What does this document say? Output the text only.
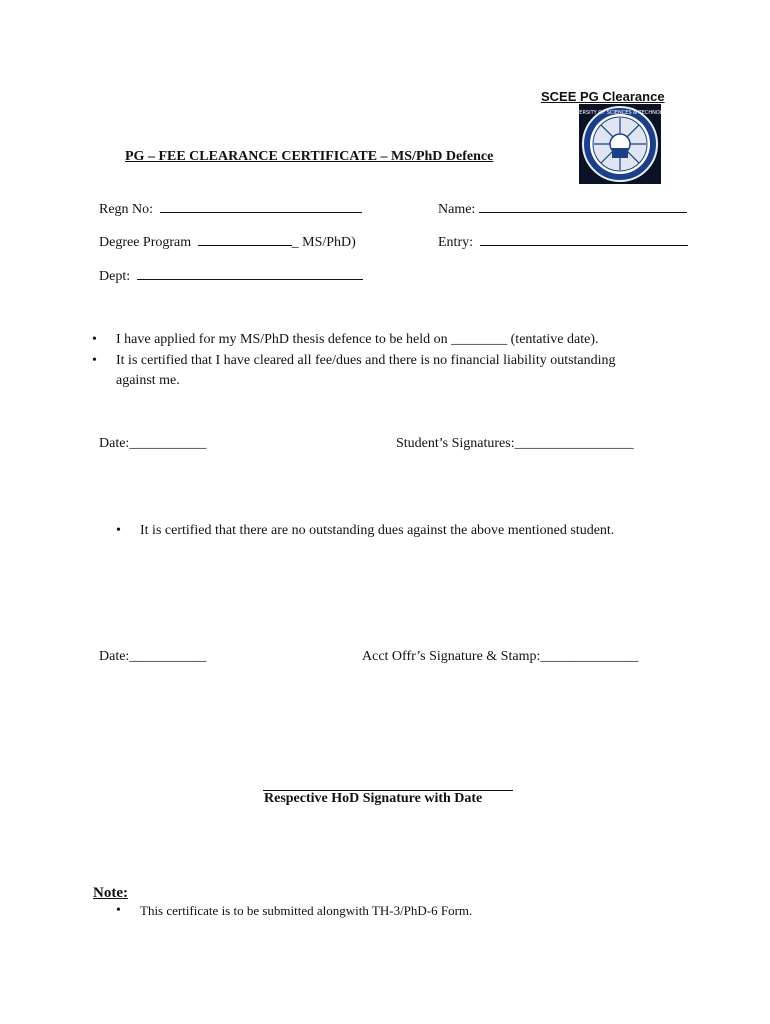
SCEE PG Clearance
UNIVERSITY OF SCIENCES & TECHNOLOGY
PG – FEE CLEARANCE CERTIFICATE – MS/PhD Defence
Regn No:	Name:
Degree Program	_ MS/PhD)	Entry:
Dept:
• I have applied for my MS/PhD thesis defence to be held on ________ (tentative date).
• It is certified that I have cleared all fee/dues and there is no financial liability outstanding
against me.
Date:___________	Student’s Signatures:_________________
• It is certified that there are no outstanding dues against the above mentioned student.
Date:___________	Acct Offr’s Signature & Stamp:______________
Respective HoD Signature with Date
Note:
• This certificate is to be submitted alongwith TH-3/PhD-6 Form.
